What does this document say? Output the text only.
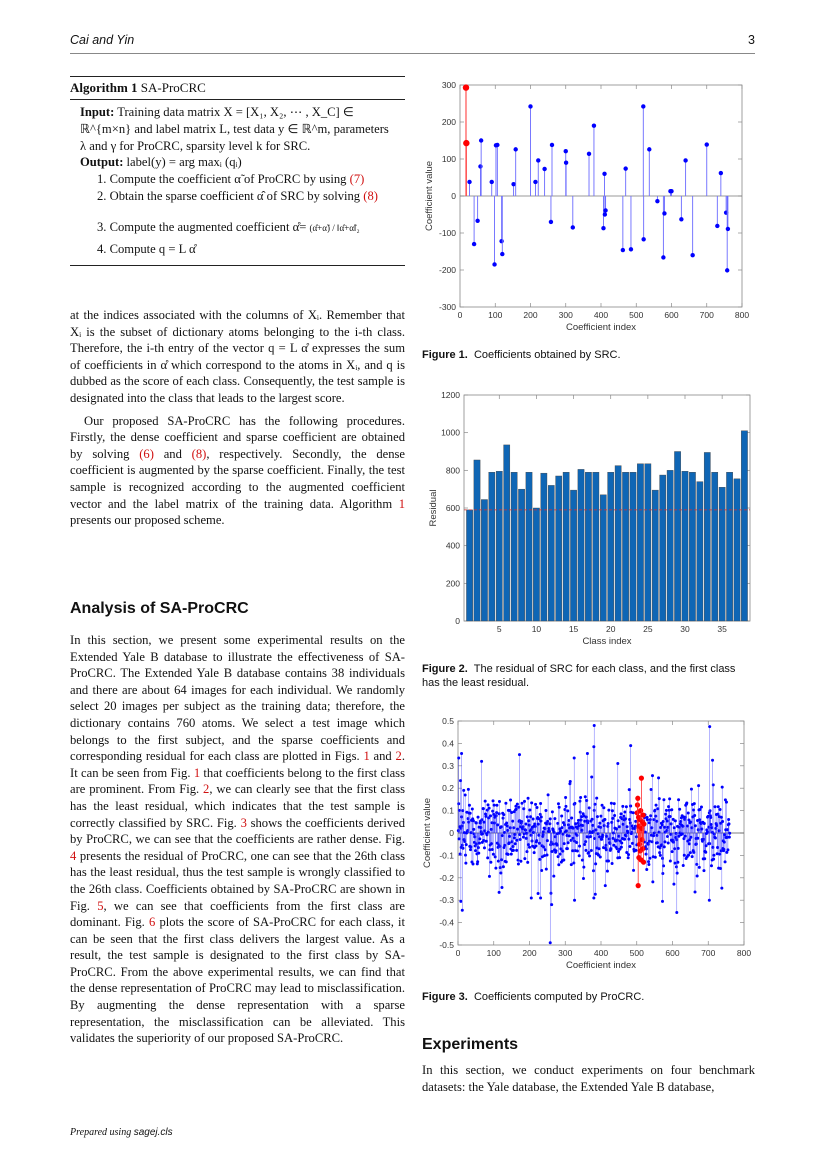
Cai and Yin	3
Algorithm 1 SA-ProCRC
Input: Training data matrix X = [X₁, X₂, ⋯ , X_C] ∈
ℝ^{m×n} and label matrix L, test data y ∈ ℝ^m, parameters
λ and γ for ProCRC, sparsity level k for SRC.
Output: label(y) = arg maxᵢ (qᵢ)
1. Compute the coefficient α̃ of ProCRC by using (7)
2. Obtain the sparse coefficient α̂ of SRC by solving (8)
3. Compute the augmented coefficient α̊= (α̂+α̃) / ‖α̂+α̃‖₂
4. Compute q = L α̊

at the indices associated with the columns of Xᵢ. Remember that Xᵢ is the subset of dictionary atoms belonging to the i-th class. Therefore, the i-th entry of the vector q = L α̊ expresses the sum of coefficients in α̊ which correspond to the atoms in Xᵢ, and q is dubbed as the score of each class. Consequently, the test sample is designated into the class that leads to the largest score.

Our proposed SA-ProCRC has the following procedures. Firstly, the dense coefficient and sparse coefficient are obtained by solving (6) and (8), respectively. Secondly, the dense coefficient is augmented by the sparse coefficient. Finally, the test sample is recognized according to the augmented coefficient vector and the label matrix of the training data. Algorithm 1 presents our proposed scheme.

Analysis of SA-ProCRC

In this section, we present some experimental results on the Extended Yale B database to illustrate the effectiveness of SA-ProCRC. The Extended Yale B database contains 38 individuals and there are about 64 images for each individual. We randomly select 20 images per subject as the training data; therefore, the dictionary contains 760 atoms. We select a test image which belongs to the first subject, and the sparse coefficients and corresponding residual for each class are plotted in Figs. 1 and 2. It can be seen from Fig. 1 that coefficients belong to the first class are prominent. From Fig. 2, we can clearly see that the first class has the least residual, which indicates that the test sample is correctly classified by SRC. Fig. 3 shows the coefficients derived by ProCRC, we can see that the coefficients are rather dense. Fig. 4 presents the residual of ProCRC, one can see that the 26th class has the least residual, thus the test sample is wrongly classified to the 26th class. Coefficients obtained by SA-ProCRC are shown in Fig. 5, we can see that coefficients from the first class are dominant. Fig. 6 plots the score of SA-ProCRC for each class, it can be seen that the first class delivers the largest value. As a result, the test sample is designated to the first class by SA-ProCRC. From the above experimental results, we can find that the dense representation of ProCRC may lead to misclassification. By augmenting the dense representation with a sparse representation, the misclassification can be alleviated. This validates the superiority of our proposed SA-ProCRC.

-300
-200
-100
0
100
200
300
0	100 200 300 400 500 600 700 800
Coefficient index
Coefficient value
Figure 1. Coefficients obtained by SRC.
0
200
400
600
800
1000
1200
5	10	15	20	25	30	35
Class index
Residual
Figure 2. The residual of SRC for each class, and the first class has the least residual.
-0.5
-0.4
-0.3
-0.2
-0.1
0
0.1
0.2
0.3
0.4
0.5
0	100	200	300	400	500	600	700	800
Coefficient index
Coefficient value
Figure 3. Coefficients computed by ProCRC.
Experiments

In this section, we conduct experiments on four benchmark datasets: the Yale database, the Extended Yale B database,

Prepared using sagej.cls
